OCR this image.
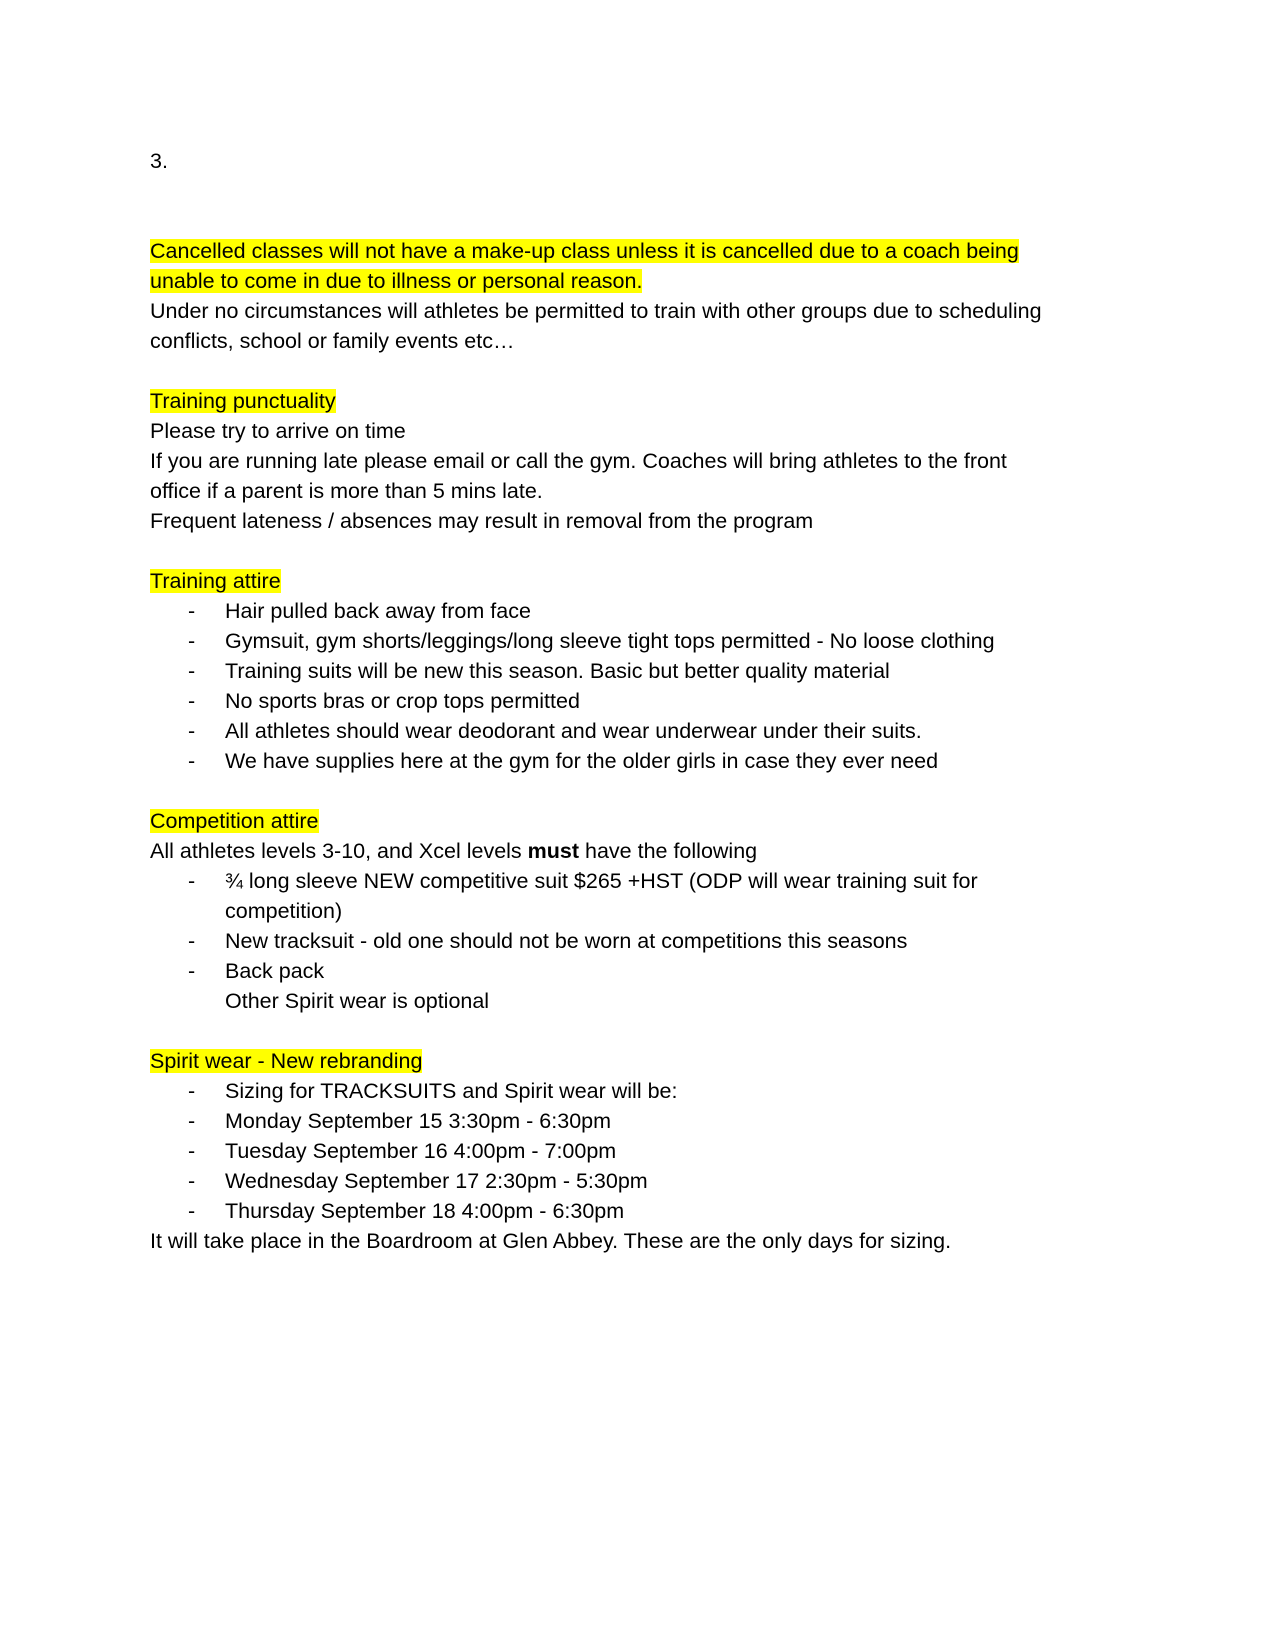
3.
Cancelled classes will not have a make-up class unless it is cancelled due to a coach being
unable to come in due to illness or personal reason.
Under no circumstances will athletes be permitted to train with other groups due to scheduling
conflicts, school or family events etc…
Training punctuality
Please try to arrive on time
If you are running late please email or call the gym. Coaches will bring athletes to the front
office if a parent is more than 5 mins late.
Frequent lateness / absences may result in removal from the program
Training attire
- Hair pulled back away from face
- Gymsuit, gym shorts/leggings/long sleeve tight tops permitted - No loose clothing
- Training suits will be new this season. Basic but better quality material
- No sports bras or crop tops permitted
- All athletes should wear deodorant and wear underwear under their suits.
- We have supplies here at the gym for the older girls in case they ever need
Competition attire
All athletes levels 3-10, and Xcel levels must have the following
- ¾ long sleeve NEW competitive suit $265 +HST (ODP will wear training suit for
competition)
- New tracksuit - old one should not be worn at competitions this seasons
- Back pack
Other Spirit wear is optional
Spirit wear - New rebranding
- Sizing for TRACKSUITS and Spirit wear will be:
- Monday September 15 3:30pm - 6:30pm
- Tuesday September 16 4:00pm - 7:00pm
- Wednesday September 17 2:30pm - 5:30pm
- Thursday September 18 4:00pm - 6:30pm
It will take place in the Boardroom at Glen Abbey. These are the only days for sizing.
